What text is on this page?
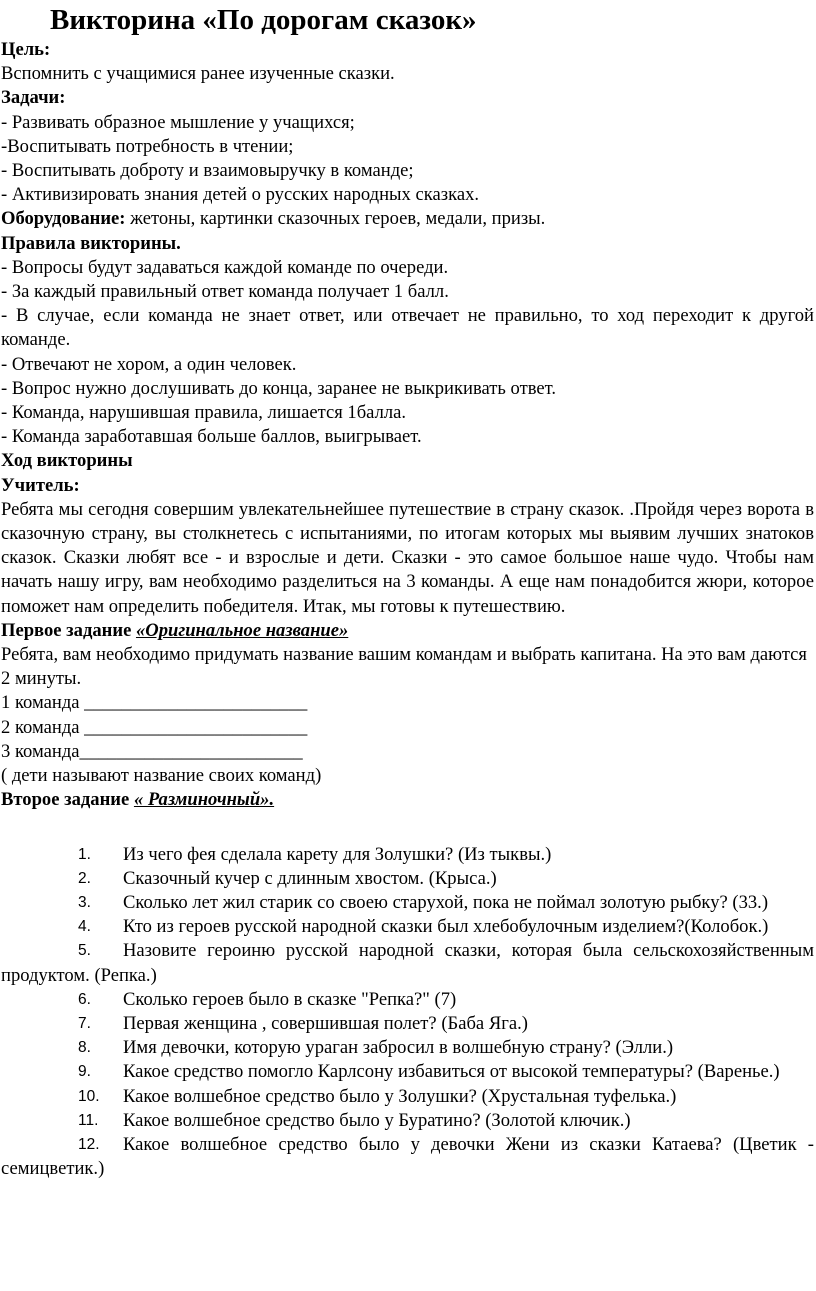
Викторина «По дорогам сказок»
Цель:
Вспомнить с учащимися ранее изученные сказки.
Задачи:
- Развивать образное мышление у учащихся;
-Воспитывать потребность в чтении;
- Воспитывать доброту и взаимовыручку в команде;
- Активизировать знания детей о русских народных сказках.
Оборудование: жетоны, картинки сказочных героев, медали, призы.
Правила викторины.
- Вопросы будут задаваться каждой команде по очереди.
- За каждый правильный ответ команда получает 1 балл.
- В случае, если команда не знает ответ, или отвечает не правильно, то ход переходит к другой команде.
- Отвечают не хором, а один человек.
- Вопрос нужно дослушивать до конца, заранее не выкрикивать ответ.
- Команда, нарушившая правила, лишается 1балла.
- Команда заработавшая больше баллов, выигрывает.
Ход викторины
Учитель:
Ребята мы сегодня совершим увлекательнейшее путешествие в страну сказок. .Пройдя через ворота в сказочную страну, вы столкнетесь с испытаниями, по итогам которых мы выявим лучших знатоков сказок. Сказки любят все - и взрослые и дети. Сказки - это самое большое наше чудо. Чтобы нам начать нашу игру, вам необходимо разделиться на 3 команды. А еще нам понадобится жюри, которое поможет нам определить победителя. Итак, мы готовы к путешествию.
Первое задание «Оригинальное название»
Ребята, вам необходимо придумать название вашим командам и выбрать капитана. На это вам даются 2 минуты.
1 команда ________________________
2 команда ________________________
3 команда________________________
( дети называют название своих команд)
Второе задание « Разминочный».
1. Из чего фея сделала карету для Золушки? (Из тыквы.)
2. Сказочный кучер с длинным хвостом. (Крыса.)
3. Сколько лет жил старик со своею старухой, пока не поймал золотую рыбку? (33.)
4. Кто из героев русской народной сказки был хлебобулочным изделием?(Колобок.)
5. Назовите героиню русской народной сказки, которая была сельскохозяйственным продуктом. (Репка.)
6. Сколько героев было в сказке "Репка?" (7)
7. Первая женщина , совершившая полет? (Баба Яга.)
8. Имя девочки, которую ураган забросил в волшебную страну? (Элли.)
9. Какое средство помогло Карлсону избавиться от высокой температуры? (Варенье.)
10. Какое волшебное средство было у Золушки? (Хрустальная туфелька.)
11. Какое волшебное средство было у Буратино? (Золотой ключик.)
12. Какое волшебное средство было у девочки Жени из сказки Катаева? (Цветик - семицветик.)
